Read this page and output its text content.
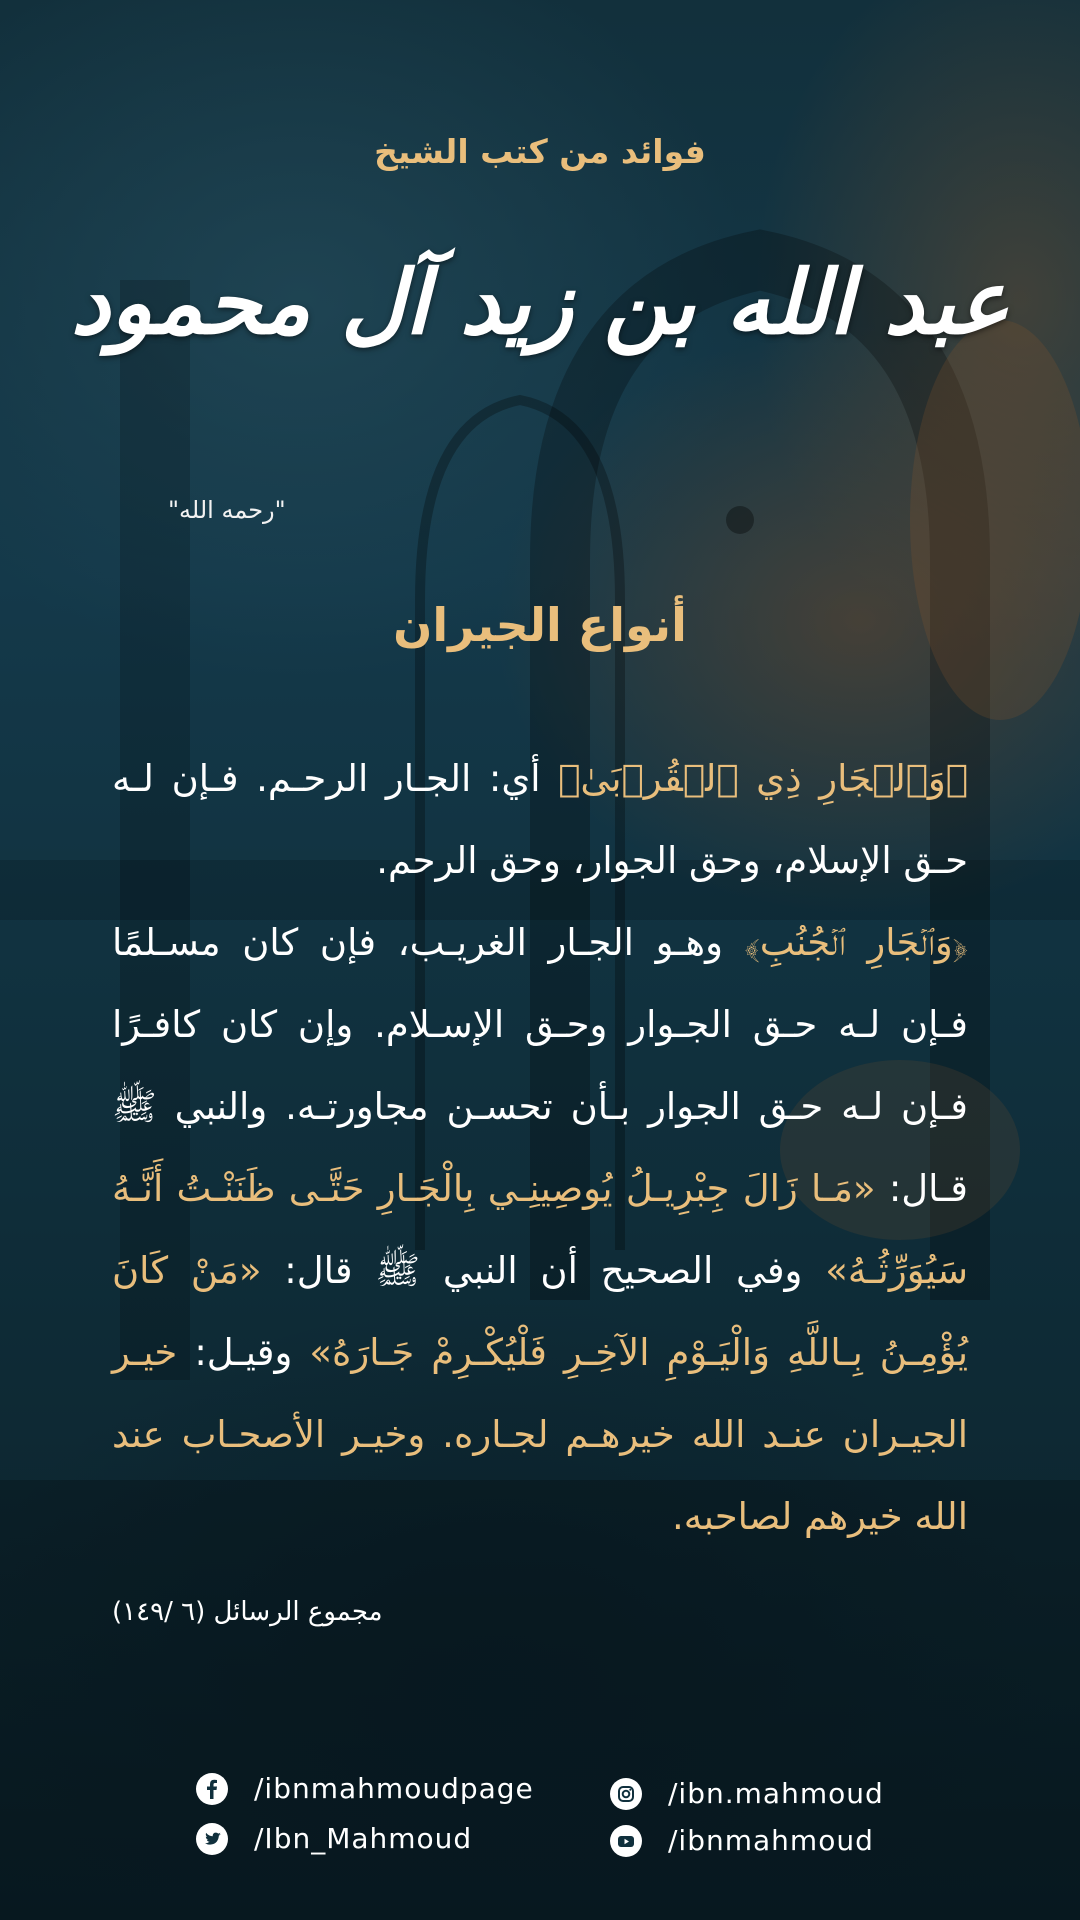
فوائد من كتب الشيخ
عبد الله بن زيد آل محمود
"رحمه الله"
أنواع الجيران
﴿وَٱلۡجَارِ ذِي ٱلۡقُرۡبَىٰ﴾ أي: الجـار الرحـم. فـإن لـه حـق الإسلام، وحق الجوار، وحق الرحم.
﴿وَٱلۡجَارِ ٱلۡجُنُبِ﴾ وهـو الجـار الغريـب، فإن كان مسـلمًا فـإن لـه حـق الجـوار وحـق الإسـلام. وإن كان كافـرًا فـإن لـه حـق الجوار بـأن تحسـن مجاورتـه. والنبي ﷺ قـال: «مَـا زَالَ جِبْرِيـلُ يُوصِينِـي بِالْجَـارِ حَتَّـى ظَنَنْـتُ أَنَّـهُ سَيُوَرِّثُـهُ» وفي الصحيح أن النبي ﷺ قال: «مَنْ كَانَ يُؤْمِـنُ بِـاللَّهِ وَالْيَـوْمِ الآخِـرِ فَلْيُكْـرِمْ جَـارَهُ» وقيـل: خيـر الجيـران عنـد الله خيرهـم لجـاره. وخيـر الأصحـاب عند الله خيرهم لصاحبه.
مجموع الرسائل (٦ /١٤٩)
/ibnmahmoudpage
/Ibn_Mahmoud
/ibn.mahmoud
/ibnmahmoud
